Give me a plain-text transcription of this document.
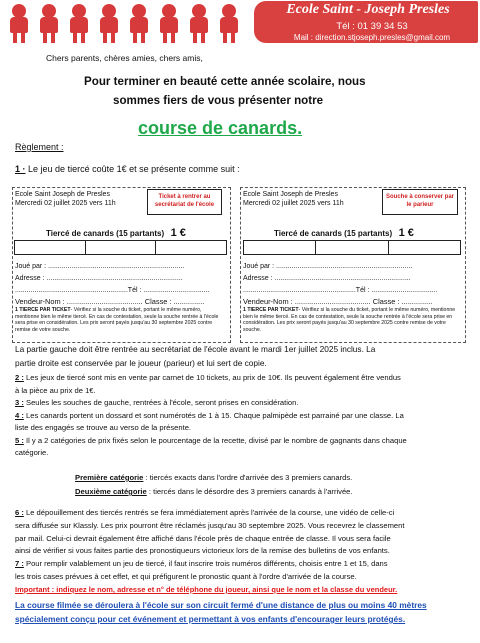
Ecole Saint - Joseph Presles
Tél : 01 39 34 53
Mail : direction.stjoseph.presles@gmail.com
Chers parents, chères amies, chers amis,
Pour terminer en beauté cette année scolaire, nous
sommes fiers de vous présenter notre
course de canards.
Règlement :
1 · Le jeu de tiercé coûte 1€ et se présente comme suit :
Ecole Saint Joseph de Presles
Mercredi 02 juillet 2025 vers 11h
Ticket à rentrer au secrétariat de l'école
Tiercé de canards (15 partants) 1 €
Joué par : ......................................................................
Adresse : ......................................................................
..........................................................Tél : ..................................
Vendeur-Nom : ..................................... Classe : ...............
1 TIERCE PAR TICKET- Vérifiez si la souche du ticket, portant le même numéro, mentionne bien le même tiercé. En cas de contestation, seule la souche rentrée à l'école sera prise en considération. Les prix seront payés jusqu'au 30 septembre 2025 contre remise de votre souche.
Ecole Saint Joseph de Presles
Mercredi 02 juillet 2025 vers 11h
Souche à conserver par le parieur
Tiercé de canards (15 partants) 1 €
Joué par : ......................................................................
Adresse : ......................................................................
..........................................................Tél : ..................................
Vendeur-Nom : ..................................... Classe : ...............
1 TIERCE PAR TICKET- Vérifiez si la souche du ticket, portant le même numéro, mentionne bien le même tiercé. En cas de contestation, seule la souche rentrée à l'école sera prise en considération. Les prix seront payés jusqu'au 30 septembre 2025 contre remise de votre souche.
La partie gauche doit être rentrée au secrétariat de l'école avant le mardi 1er juillet 2025 inclus. La
partie droite est conservée par le joueur (parieur) et lui sert de copie.
2 : Les jeux de tiercé sont mis en vente par carnet de 10 tickets, au prix de 10€. Ils peuvent également être vendus
à la pièce au prix de 1€.
3 : Seules les souches de gauche, rentrées à l'école, seront prises en considération.
4 : Les canards portent un dossard et sont numérotés de 1 à 15. Chaque palmipède est parrainé par une classe. La
liste des engagés se trouve au verso de la présente.
5 : Il y a 2 catégories de prix fixés selon le pourcentage de la recette, divisé par le nombre de gagnants dans chaque
catégorie.
Première catégorie : tiercés exacts dans l'ordre d'arrivée des 3 premiers canards.
Deuxième catégorie : tiercés dans le désordre des 3 premiers canards à l'arrivée.
6 : Le dépouillement des tiercés rentrés se fera immédiatement après l'arrivée de la course, une vidéo de celle-ci
sera diffusée sur Klassly. Les prix pourront être réclamés jusqu'au 30 septembre 2025. Vous recevrez le classement
par mail. Celui-ci devrait également être affiché dans l'école près de chaque entrée de classe. Il vous sera facile
ainsi de vérifier si vous faites partie des pronostiqueurs victorieux lors de la remise des bulletins de vos enfants.
7 : Pour remplir valablement un jeu de tiercé, il faut inscrire trois numéros différents, choisis entre 1 et 15, dans
les trois cases prévues à cet effet, et qui préfigurent le pronostic quant à l'ordre d'arrivée de la course.
Important : indiquez le nom, adresse et n° de téléphone du joueur, ainsi que le nom et la classe du vendeur.
La course filmée se déroulera à l'école sur son circuit fermé d'une distance de plus ou moins 40 mètres
spécialement conçu pour cet événement et permettant à vos enfants d'encourager leurs protégés.
